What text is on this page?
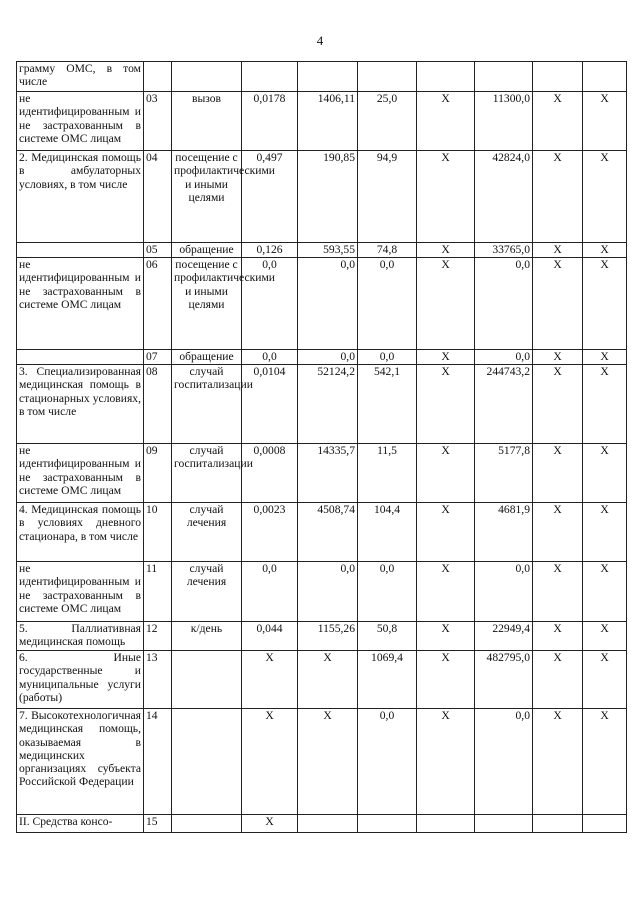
4
грамму ОМС, в том числе									
не идентифицированным и не застрахованным в системе ОМС лицам	03	вызов	0,0178	1406,11	25,0	X	11300,0	X	X
2. Медицинская помощь в амбулаторных условиях, в том числе	04	посещение с профилактическими и иными целями	0,497	190,85	94,9	X	42824,0	X	X
	05	обращение	0,126	593,55	74,8	X	33765,0	X	X
не идентифицированным и не застрахованным в системе ОМС лицам	06	посещение с профилактическими и иными целями	0,0	0,0	0,0	X	0,0	X	X
	07	обращение	0,0	0,0	0,0	X	0,0	X	X
3. Специализированная медицинская помощь в стационарных условиях, в том числе	08	случай госпитализации	0,0104	52124,2	542,1	X	244743,2	X	X
не идентифицированным и не застрахованным в системе ОМС лицам	09	случай госпитализации	0,0008	14335,7	11,5	X	5177,8	X	X
4. Медицинская помощь в условиях дневного стационара, в том числе	10	случай лечения	0,0023	4508,74	104,4	X	4681,9	X	X
не идентифицированным и не застрахованным в системе ОМС лицам	11	случай лечения	0,0	0,0	0,0	X	0,0	X	X
5. Паллиативная медицинская помощь	12	к/день	0,044	1155,26	50,8	X	22949,4	X	X
6. Иные государственные и муниципальные услуги (работы)	13		X	X	1069,4	X	482795,0	X	X
7. Высокотехнологичная медицинская помощь, оказываемая в медицинских организациях субъекта Российской Федерации	14		X	X	0,0	X	0,0	X	X
II. Средства консо-	15		X						
